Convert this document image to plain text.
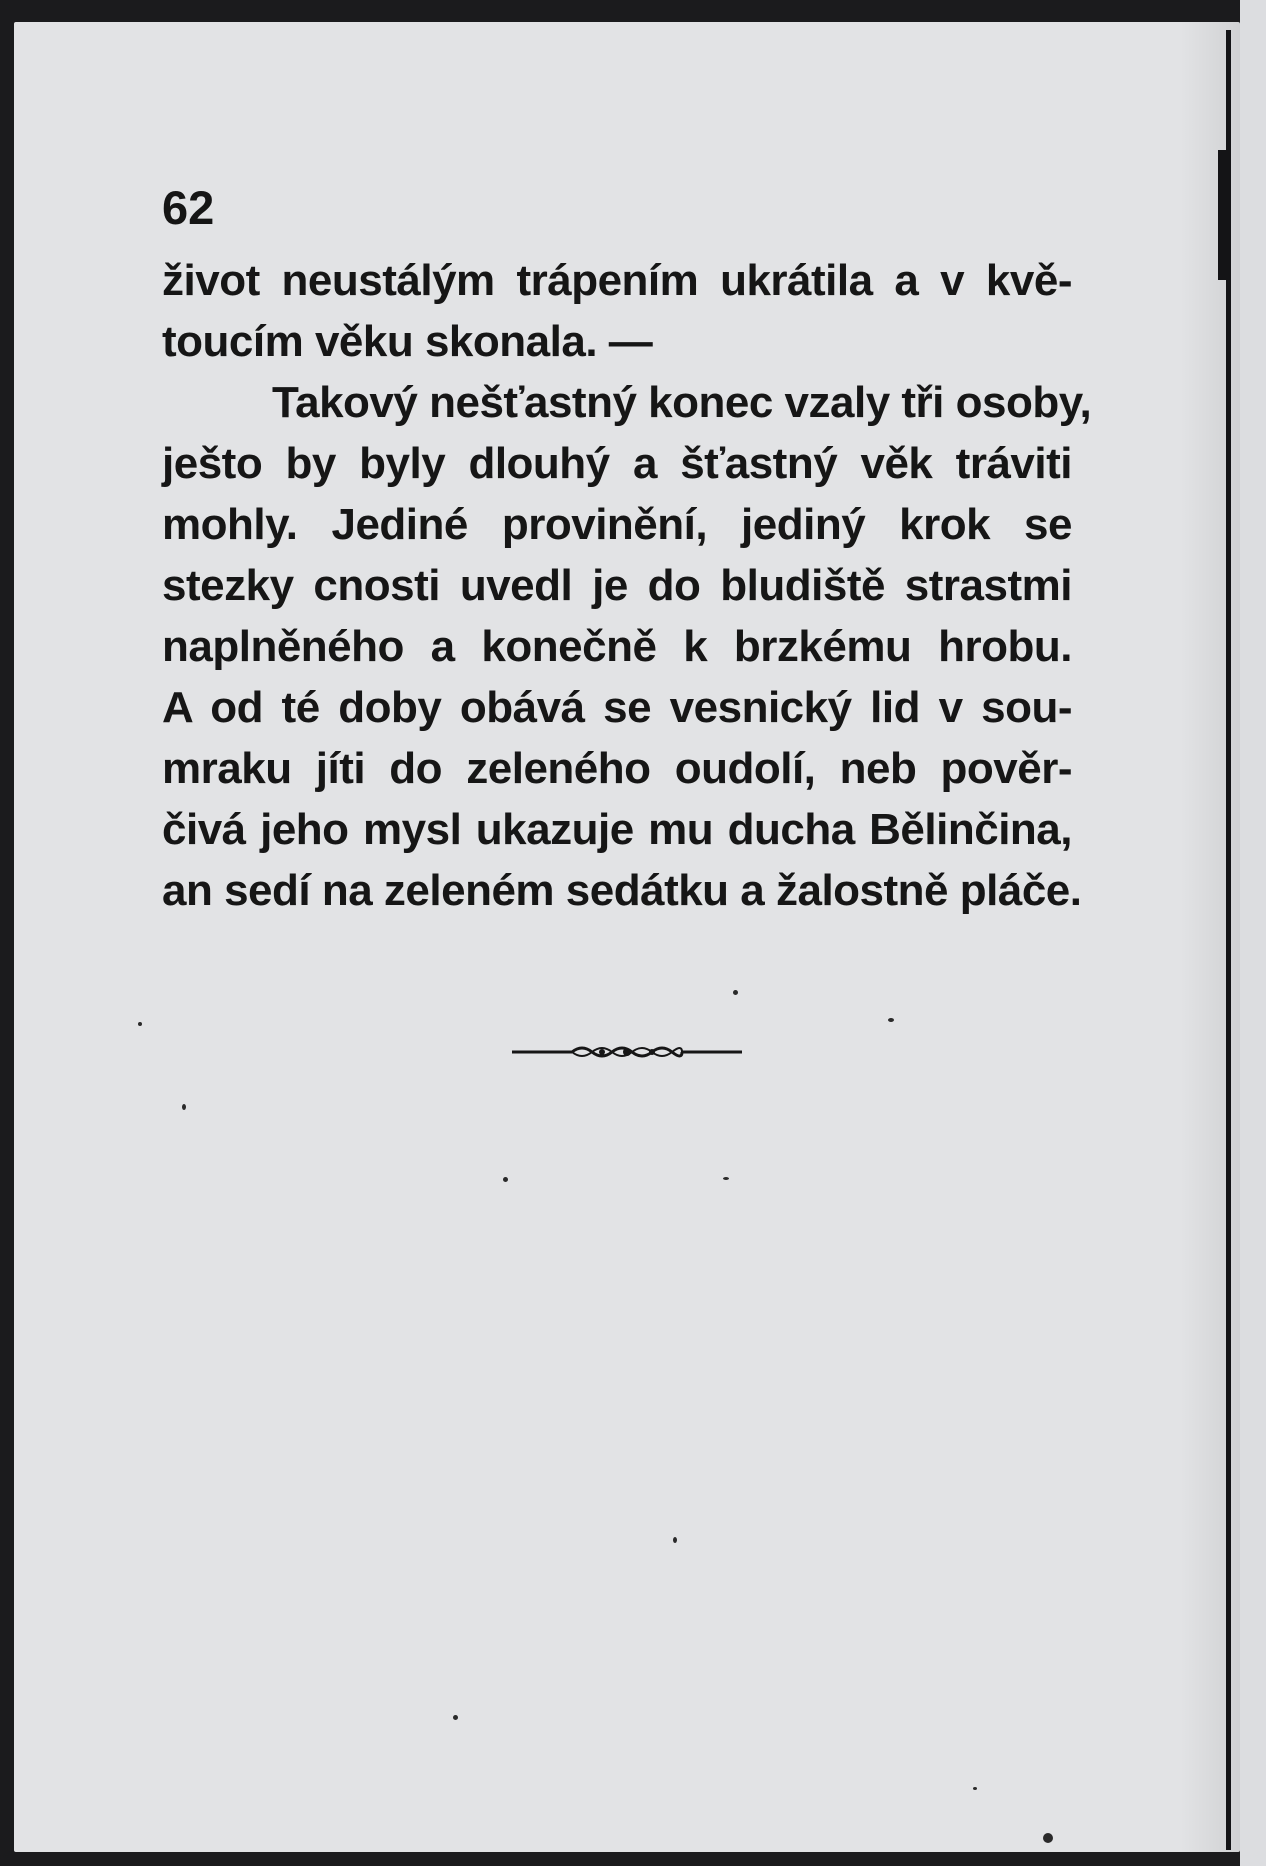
62
život neustálým trápením ukrátila a v kvě-
toucím věku skonala. —
Takový nešťastný konec vzaly tři osoby,
ješto by byly dlouhý a šťastný věk tráviti
mohly. Jediné provinění, jediný krok se
stezky cnosti uvedl je do bludiště strastmi
naplněného a konečně k brzkému hrobu.
A od té doby obává se vesnický lid v sou-
mraku jíti do zeleného oudolí, neb pověr-
čivá jeho mysl ukazuje mu ducha Bělinčina,
an sedí na zeleném sedátku a žalostně pláče.
